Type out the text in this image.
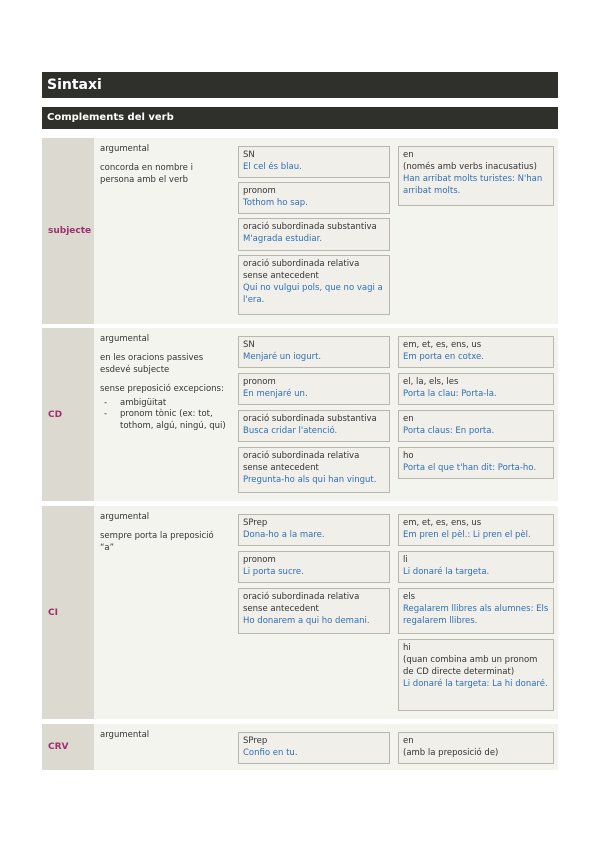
Sintaxi
Complements del verb
subjecte

argumental

concorda en nombre i persona amb el verb

SN
El cel és blau.
pronom
Tothom ho sap.
oració subordinada substantiva
M'agrada estudiar.
oració subordinada relativa sense antecedent
Qui no vulgui pols, que no vagi a l'era.
en
(només amb verbs inacusatius)
Han arribat molts turistes: N'han arribat molts.
CD

argumental

en les oracions passives esdevé subjecte

sense preposició excepcions:

- ambigüitat
- pronom tònic (ex: tot, tothom, algú, ningú, qui)
SN
Menjaré un iogurt.
pronom
En menjaré un.
oració subordinada substantiva
Busca cridar l'atenció.
oració subordinada relativa sense antecedent
Pregunta-ho als qui han vingut.
em, et, es, ens, us
Em porta en cotxe.
el, la, els, les
Porta la clau: Porta-la.
en
Porta claus: En porta.
ho
Porta el que t'han dit: Porta-ho.
CI

argumental

sempre porta la preposició “a”

SPrep
Dona-ho a la mare.
pronom
Li porta sucre.
oració subordinada relativa sense antecedent
Ho donarem a qui ho demani.
em, et, es, ens, us
Em pren el pèl.: Li pren el pèl.
li
Li donaré la targeta.
els
Regalarem llibres als alumnes: Els regalarem llibres.
hi
(quan combina amb un pronom de CD directe determinat)
Li donaré la targeta: La hi donaré.
CRV

argumental

SPrep
Confio en tu.
en
(amb la preposició de)
